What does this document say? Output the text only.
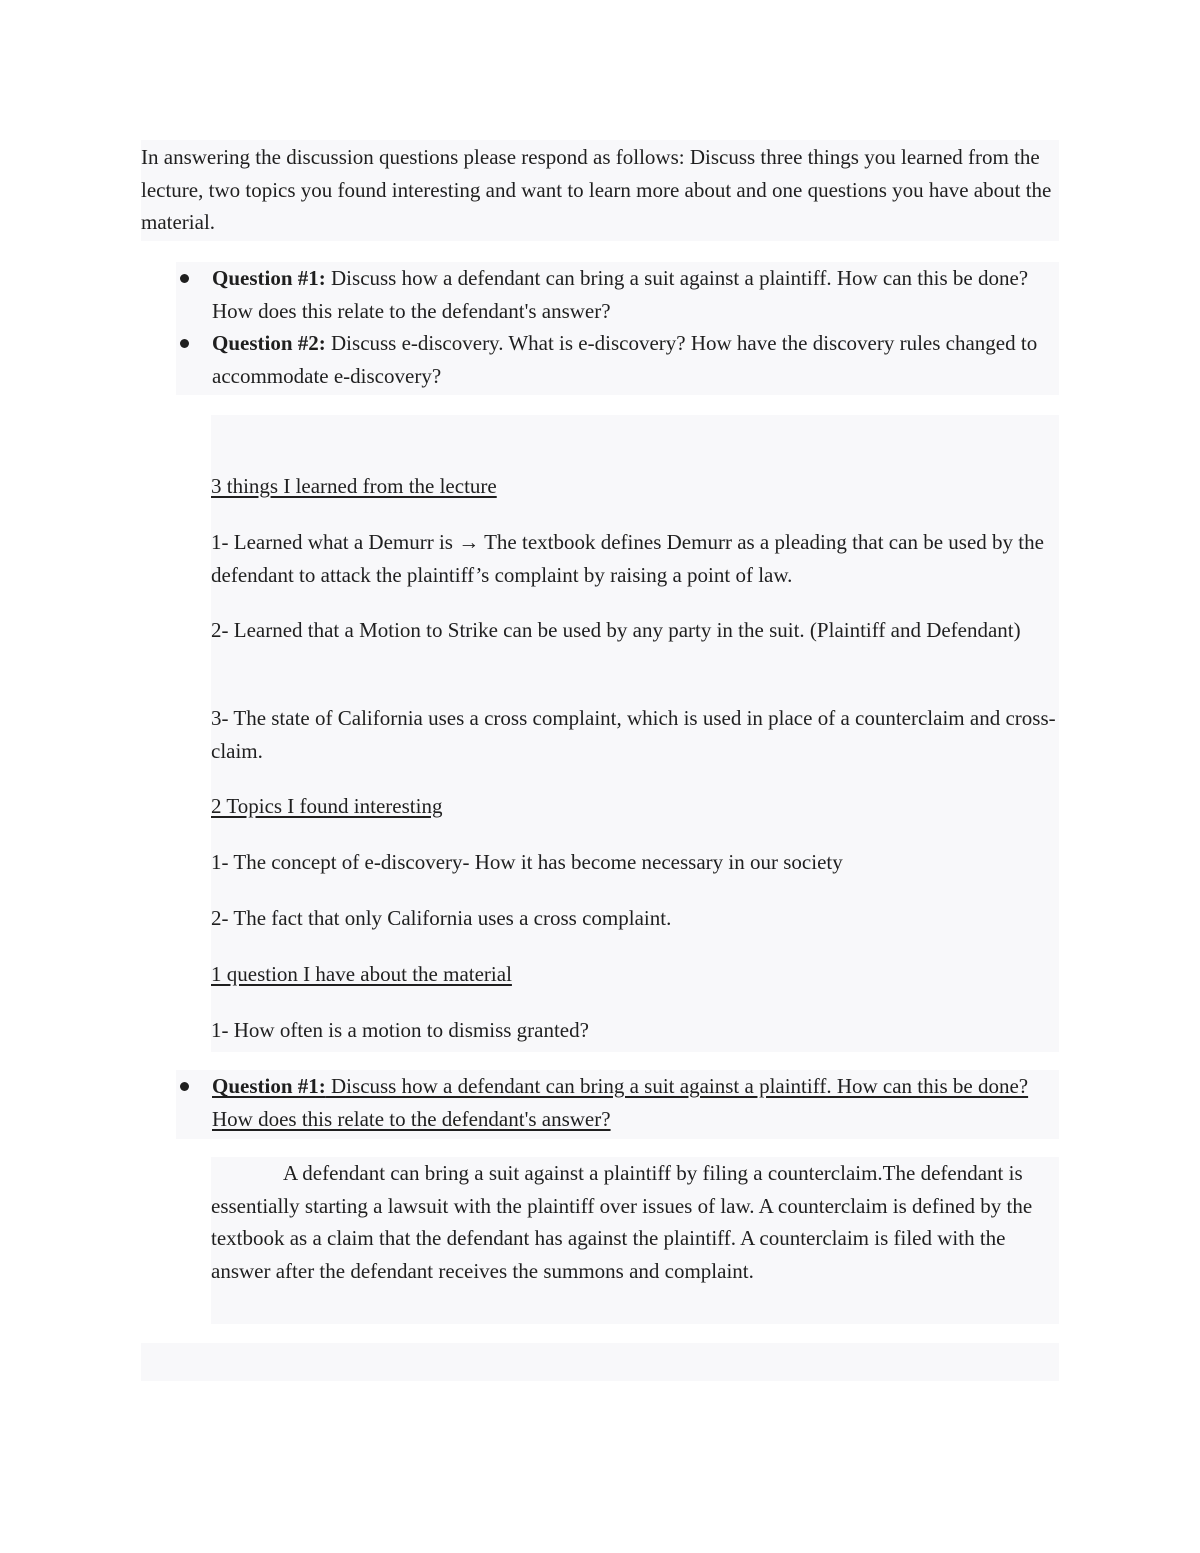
In answering the discussion questions please respond as follows: Discuss three things you learned from the lecture, two topics you found interesting and want to learn more about and one questions you have about the material.

Question #1: Discuss how a defendant can bring a suit against a plaintiff. How can this be done? How does this relate to the defendant's answer?
Question #2: Discuss e-discovery. What is e-discovery? How have the discovery rules changed to accommodate e-discovery?

3 things I learned from the lecture

1- Learned what a Demurr is → The textbook defines Demurr as a pleading that can be used by the defendant to attack the plaintiff’s complaint by raising a point of law.

2- Learned that a Motion to Strike can be used by any party in the suit. (Plaintiff and Defendant)

3- The state of California uses a cross complaint, which is used in place of a counterclaim and cross-claim.

2 Topics I found interesting

1- The concept of e-discovery- How it has become necessary in our society

2- The fact that only California uses a cross complaint.

1 question I have about the material

1- How often is a motion to dismiss granted?

Question #1: Discuss how a defendant can bring a suit against a plaintiff. How can this be done? How does this relate to the defendant's answer?

A defendant can bring a suit against a plaintiff by filing a counterclaim.The defendant is essentially starting a lawsuit with the plaintiff over issues of law. A counterclaim is defined by the textbook as a claim that the defendant has against the plaintiff. A counterclaim is filed with the answer after the defendant receives the summons and complaint.
